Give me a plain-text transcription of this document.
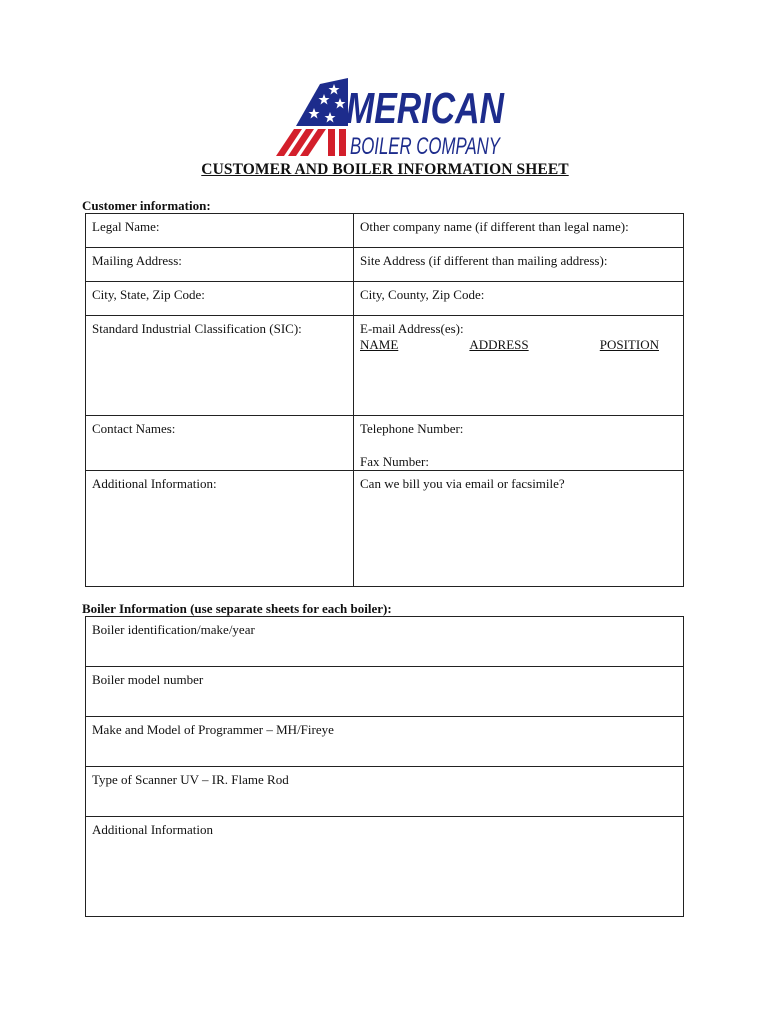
MERICAN
BOILER COMPANY
CUSTOMER AND BOILER INFORMATION SHEET
Customer information:
Legal Name:	Other company name (if different than legal name):
Mailing Address:	Site Address (if different than mailing address):
City, State, Zip Code:	City, County, Zip Code:
Standard Industrial Classification (SIC):	E-mail Address(es):
NAME ADDRESS POSITION

Contact Names:	Telephone Number:
Fax Number:

Additional Information:	Can we bill you via email or facsimile?
Boiler Information (use separate sheets for each boiler):
Boiler identification/make/year
Boiler model number
Make and Model of Programmer – MH/Fireye
Type of Scanner UV – IR. Flame Rod
Additional Information
